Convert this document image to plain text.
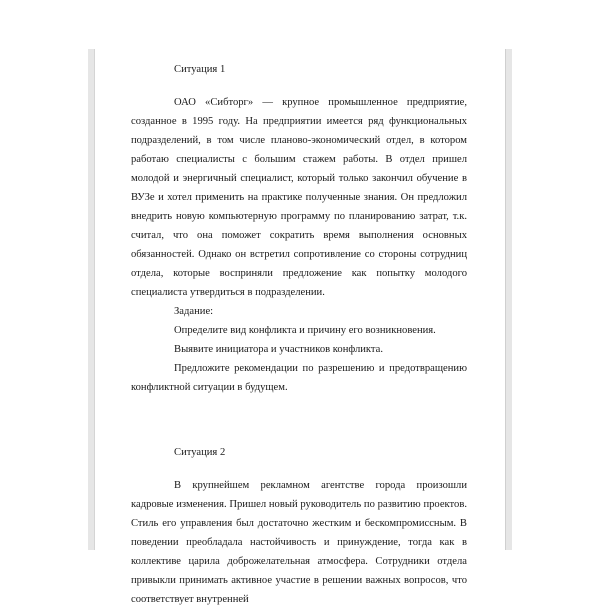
Ситуация 1

ОАО «Сибторг» — крупное промышленное предприятие, созданное в 1995 году. На предприятии имеется ряд функциональных подразделений, в том числе планово-экономический отдел, в котором работаю специалисты с большим стажем работы. В отдел пришел молодой и энергичный специалист, который только закончил обучение в ВУЗе и хотел применить на практике полученные знания. Он предложил внедрить новую компьютерную программу по планированию затрат, т.к. считал, что она поможет сократить время выполнения основных обязанностей. Однако он встретил сопротивление со стороны сотрудниц отдела, которые восприняли предложение как попытку молодого специалиста утвердиться в подразделении.

Задание:

Определите вид конфликта и причину его возникновения.

Выявите инициатора и участников конфликта.

Предложите рекомендации по разрешению и предотвращению конфликтной ситуации в будущем.

Ситуация 2

В крупнейшем рекламном агентстве города произошли кадровые изменения. Пришел новый руководитель по развитию проектов. Стиль его управления был достаточно жестким и бескомпромиссным. В поведении преобладала настойчивость и принуждение, тогда как в коллективе царила доброжелательная атмосфера. Сотрудники отдела привыкли принимать активное участие в решении важных вопросов, что соответствует внутренней
